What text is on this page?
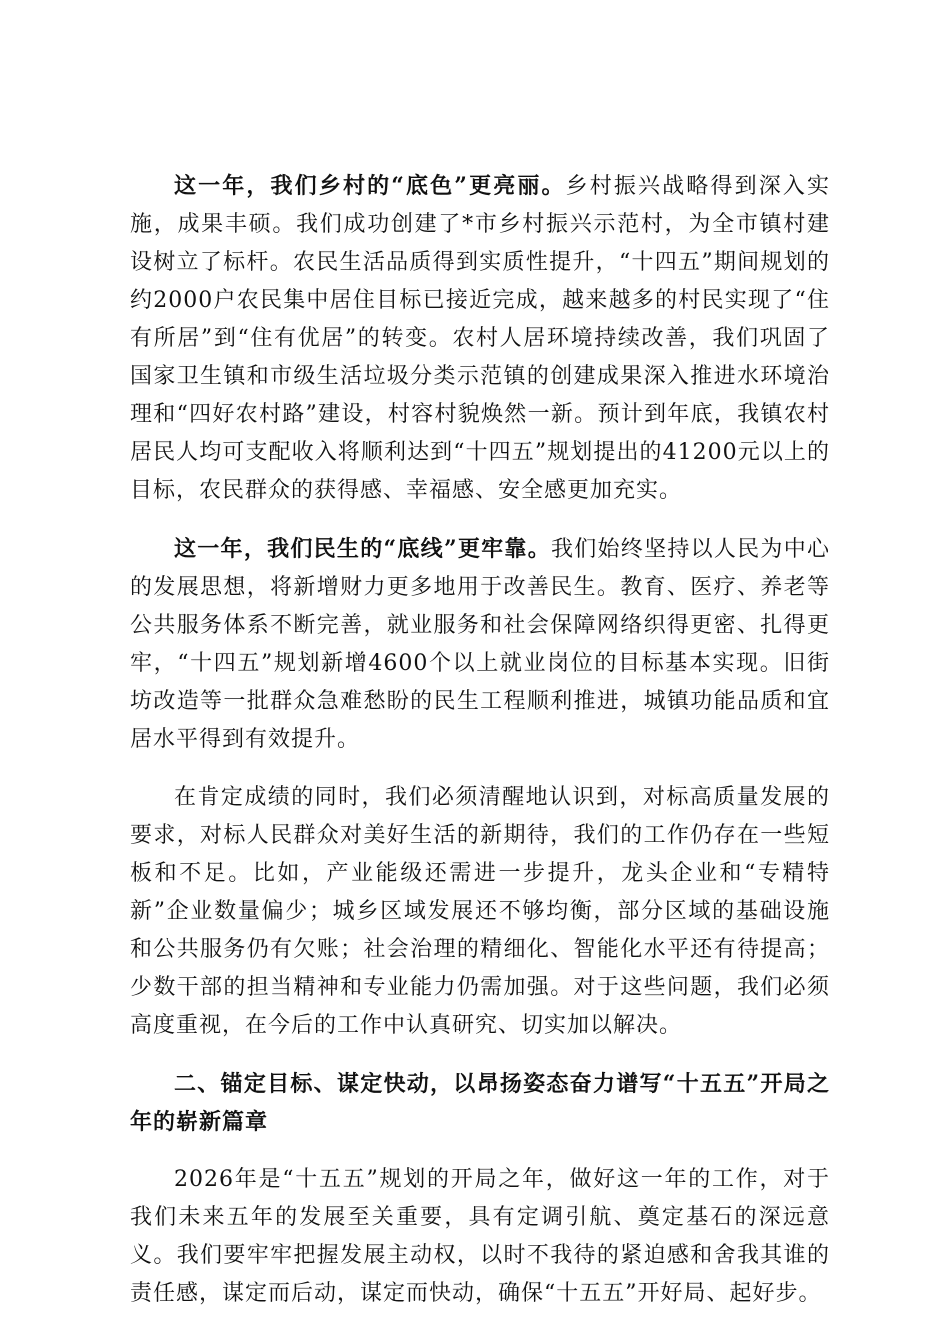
这一年，我们乡村的“底色”更亮丽。乡村振兴战略得到深入实施，成果丰硕。我们成功创建了*市乡村振兴示范村，为全市镇村建设树立了标杆。农民生活品质得到实质性提升，“十四五”期间规划的约2000户农民集中居住目标已接近完成，越来越多的村民实现了“住有所居”到“住有优居”的转变。农村人居环境持续改善，我们巩固了国家卫生镇和市级生活垃圾分类示范镇的创建成果深入推进水环境治理和“四好农村路”建设，村容村貌焕然一新。预计到年底，我镇农村居民人均可支配收入将顺利达到“十四五”规划提出的41200元以上的目标，农民群众的获得感、幸福感、安全感更加充实。

这一年，我们民生的“底线”更牢靠。我们始终坚持以人民为中心的发展思想，将新增财力更多地用于改善民生。教育、医疗、养老等公共服务体系不断完善，就业服务和社会保障网络织得更密、扎得更牢，“十四五”规划新增4600个以上就业岗位的目标基本实现。旧街坊改造等一批群众急难愁盼的民生工程顺利推进，城镇功能品质和宜居水平得到有效提升。

在肯定成绩的同时，我们必须清醒地认识到，对标高质量发展的要求，对标人民群众对美好生活的新期待，我们的工作仍存在一些短板和不足。比如，产业能级还需进一步提升，龙头企业和“专精特新”企业数量偏少；城乡区域发展还不够均衡，部分区域的基础设施和公共服务仍有欠账；社会治理的精细化、智能化水平还有待提高；少数干部的担当精神和专业能力仍需加强。对于这些问题，我们必须高度重视，在今后的工作中认真研究、切实加以解决。

二、锚定目标、谋定快动，以昂扬姿态奋力谱写“十五五”开局之年的崭新篇章

2026年是“十五五”规划的开局之年，做好这一年的工作，对于我们未来五年的发展至关重要，具有定调引航、奠定基石的深远意义。我们要牢牢把握发展主动权，以时不我待的紧迫感和舍我其谁的责任感，谋定而后动，谋定而快动，确保“十五五”开好局、起好步。
